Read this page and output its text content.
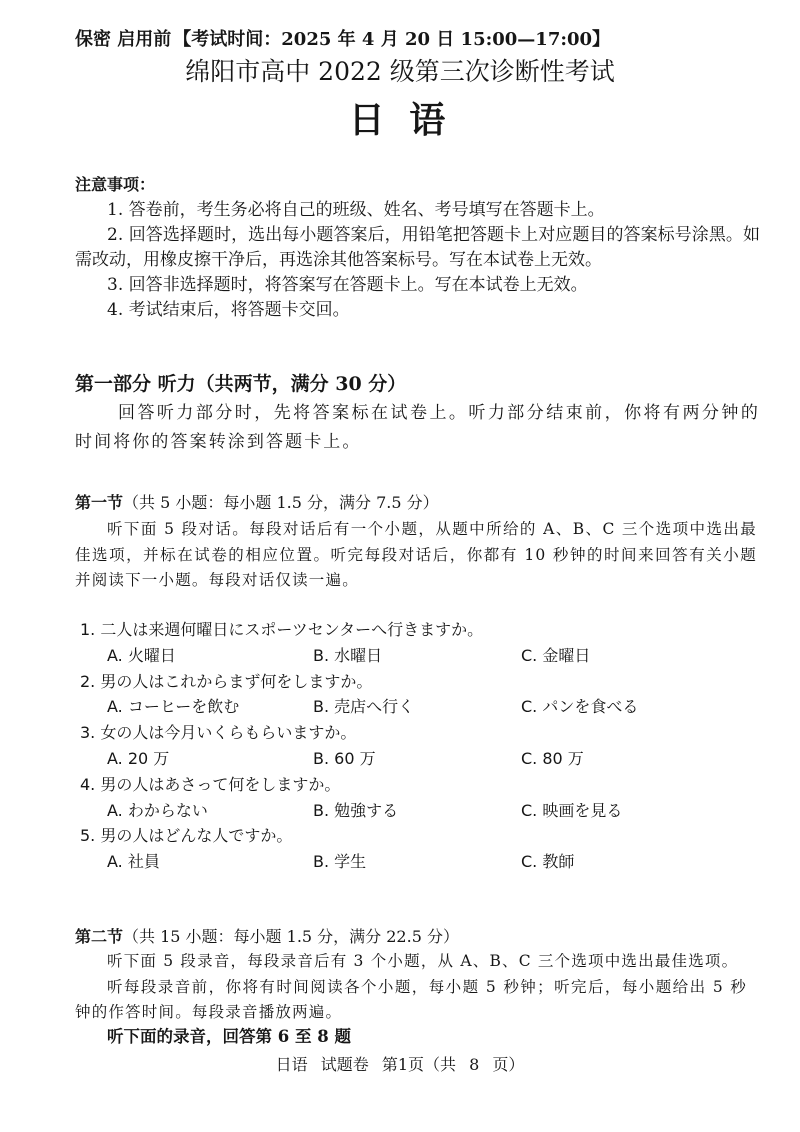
保密 启用前 【考试时间：2025 年 4 月 20 日 15:00—17:00】
绵阳市高中 2022 级第三次诊断性考试
日 语
注意事项：

1. 答卷前，考生务必将自己的班级、姓名、考号填写在答题卡上。

2. 回答选择题时，选出每小题答案后，用铅笔把答题卡上对应题目的答案标号涂黑。如需改动，用橡皮擦干净后，再选涂其他答案标号。写在本试卷上无效。

3. 回答非选择题时，将答案写在答题卡上。写在本试卷上无效。

4. 考试结束后，将答题卡交回。

第一部分 听力（共两节，满分 30 分）

回答听力部分时，先将答案标在试卷上。听力部分结束前，你将有两分钟的时间将你的答案转涂到答题卡上。

第一节（共 5 小题：每小题 1.5 分，满分 7.5 分）

听下面 5 段对话。每段对话后有一个小题，从题中所给的 A、B、C 三个选项中选出最佳选项，并标在试卷的相应位置。听完每段对话后，你都有 10 秒钟的时间来回答有关小题并阅读下一小题。每段对话仅读一遍。

1. 二人は来週何曜日にスポーツセンターへ行きますか。
A. 火曜日	B. 水曜日	C. 金曜日
2. 男の人はこれからまず何をしますか。
A. コーヒーを飲む	B. 売店へ行く	C. パンを食べる
3. 女の人は今月いくらもらいますか。
A. 20 万	B. 60 万	C. 80 万
4. 男の人はあさって何をしますか。
A. わからない	B. 勉強する	C. 映画を見る
5. 男の人はどんな人ですか。
A. 社員	B. 学生	C. 教師
第二节（共 15 小题：每小题 1.5 分，满分 22.5 分）

听下面 5 段录音，每段录音后有 3 个小题，从 A、B、C 三个选项中选出最佳选项。

听每段录音前，你将有时间阅读各个小题，每小题 5 秒钟；听完后，每小题给出 5 秒钟的作答时间。每段录音播放两遍。

听下面的录音，回答第 6 至 8 题
日语 试题卷 第1页（共 8 页）
